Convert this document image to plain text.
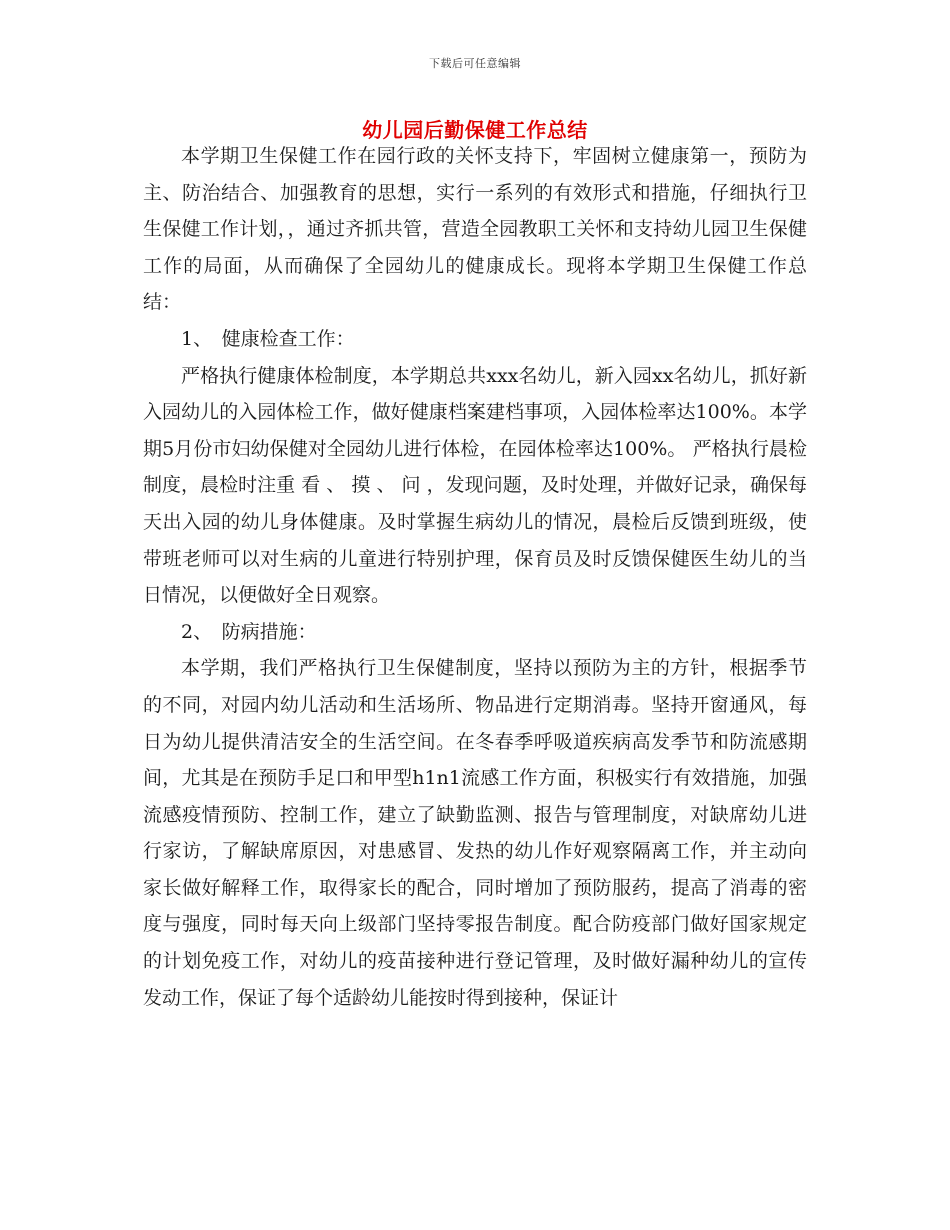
下载后可任意编辑
幼儿园后勤保健工作总结

本学期卫生保健工作在园行政的关怀支持下，牢固树立健康第一，预防为主、防治结合、加强教育的思想，实行一系列的有效形式和措施，仔细执行卫生保健工作计划，，通过齐抓共管，营造全园教职工关怀和支持幼儿园卫生保健工作的局面，从而确保了全园幼儿的健康成长。现将本学期卫生保健工作总结：

1、　健康检查工作：

严格执行健康体检制度，本学期总共xxx名幼儿，新入园xx名幼儿，抓好新入园幼儿的入园体检工作，做好健康档案建档事项，入园体检率达100%。本学期5月份市妇幼保健对全园幼儿进行体检，在园体检率达100%。 严格执行晨检制度，晨检时注重 看 、 摸 、 问 ，发现问题，及时处理，并做好记录，确保每天出入园的幼儿身体健康。及时掌握生病幼儿的情况，晨检后反馈到班级，使带班老师可以对生病的儿童进行特别护理，保育员及时反馈保健医生幼儿的当日情况，以便做好全日观察。

2、　防病措施：

本学期，我们严格执行卫生保健制度，坚持以预防为主的方针，根据季节的不同，对园内幼儿活动和生活场所、物品进行定期消毒。坚持开窗通风，每日为幼儿提供清洁安全的生活空间。在冬春季呼吸道疾病高发季节和防流感期间，尤其是在预防手足口和甲型h1n1流感工作方面，积极实行有效措施，加强流感疫情预防、控制工作，建立了缺勤监测、报告与管理制度，对缺席幼儿进行家访，了解缺席原因，对患感冒、发热的幼儿作好观察隔离工作，并主动向家长做好解释工作，取得家长的配合，同时增加了预防服药，提高了消毒的密度与强度，同时每天向上级部门坚持零报告制度。配合防疫部门做好国家规定的计划免疫工作，对幼儿的疫苗接种进行登记管理，及时做好漏种幼儿的宣传发动工作，保证了每个适龄幼儿能按时得到接种，保证计
